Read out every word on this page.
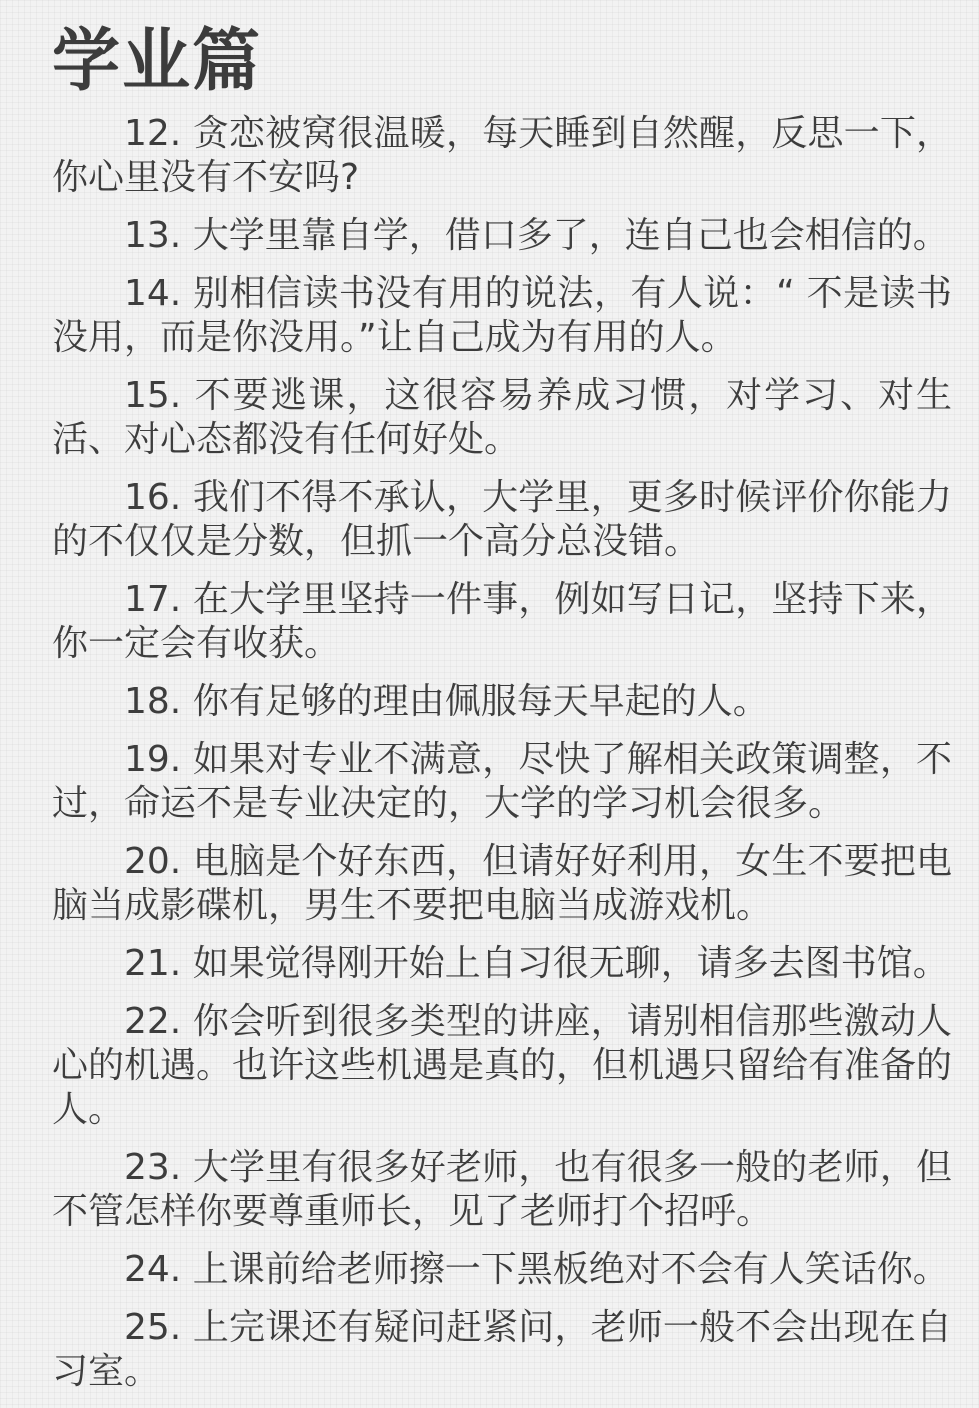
学业篇

12. 贪恋被窝很温暖，每天睡到自然醒，反思一下，你心里没有不安吗?

13. 大学里靠自学，借口多了，连自己也会相信的。

14. 别相信读书没有用的说法，有人说：“ 不是读书没用，而是你没用。”让自己成为有用的人。

15. 不要逃课，这很容易养成习惯，对学习、对生活、对心态都没有任何好处。

16. 我们不得不承认，大学里，更多时候评价你能力的不仅仅是分数，但抓一个高分总没错。

17. 在大学里坚持一件事，例如写日记，坚持下来，你一定会有收获。

18. 你有足够的理由佩服每天早起的人。

19. 如果对专业不满意，尽快了解相关政策调整，不过，命运不是专业决定的，大学的学习机会很多。

20. 电脑是个好东西，但请好好利用，女生不要把电脑当成影碟机，男生不要把电脑当成游戏机。

21. 如果觉得刚开始上自习很无聊，请多去图书馆。

22. 你会听到很多类型的讲座，请别相信那些激动人心的机遇。也许这些机遇是真的，但机遇只留给有准备的人。

23. 大学里有很多好老师，也有很多一般的老师，但不管怎样你要尊重师长，见了老师打个招呼。

24. 上课前给老师擦一下黑板绝对不会有人笑话你。

25. 上完课还有疑问赶紧问，老师一般不会出现在自习室。
